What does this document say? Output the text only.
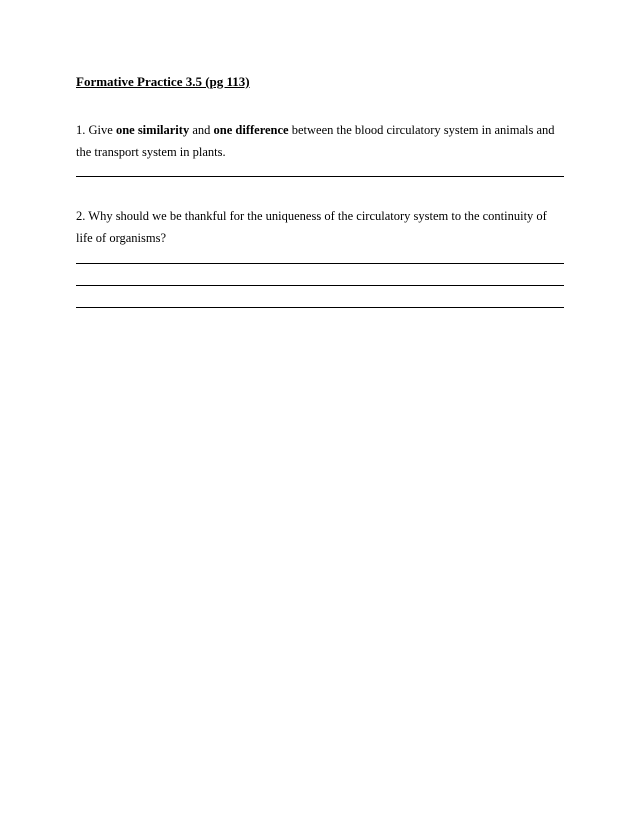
Formative Practice 3.5 (pg 113)
1. Give one similarity and one difference between the blood circulatory system in animals and the transport system in plants.
2. Why should we be thankful for the uniqueness of the circulatory system to the continuity of life of organisms?
